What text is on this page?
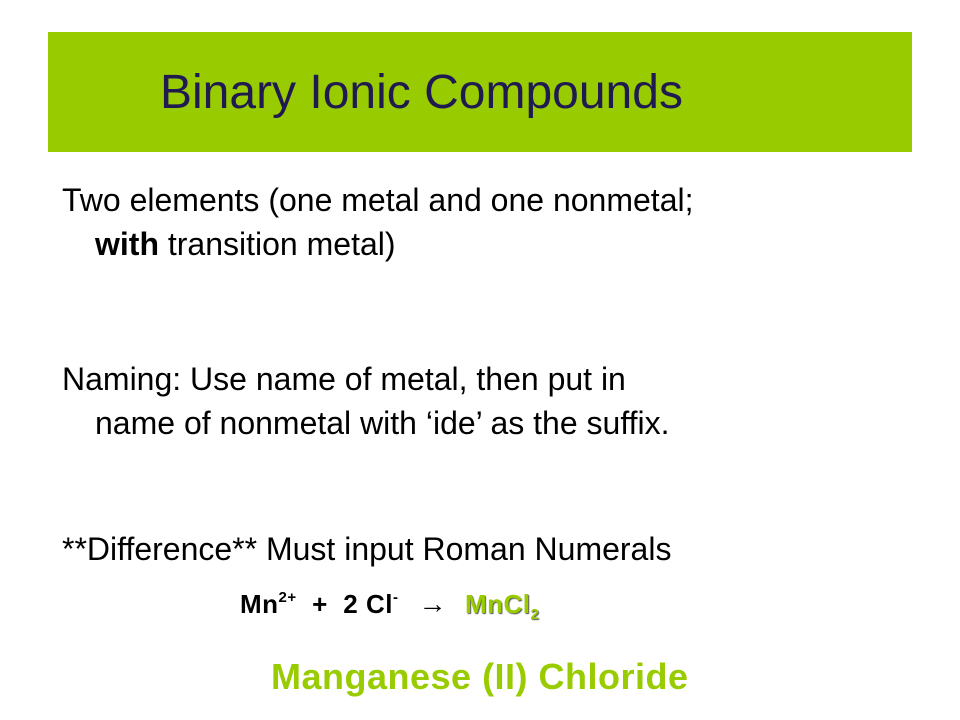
Binary Ionic Compounds
Two elements (one metal and one nonmetal;
with transition metal)
Naming: Use name of metal, then put in
name of nonmetal with ‘ide’ as the suffix.
**Difference** Must input Roman Numerals
$Mn^{2+} + 2$ Cl- → MnCl$_2$
Manganese (II) Chloride
